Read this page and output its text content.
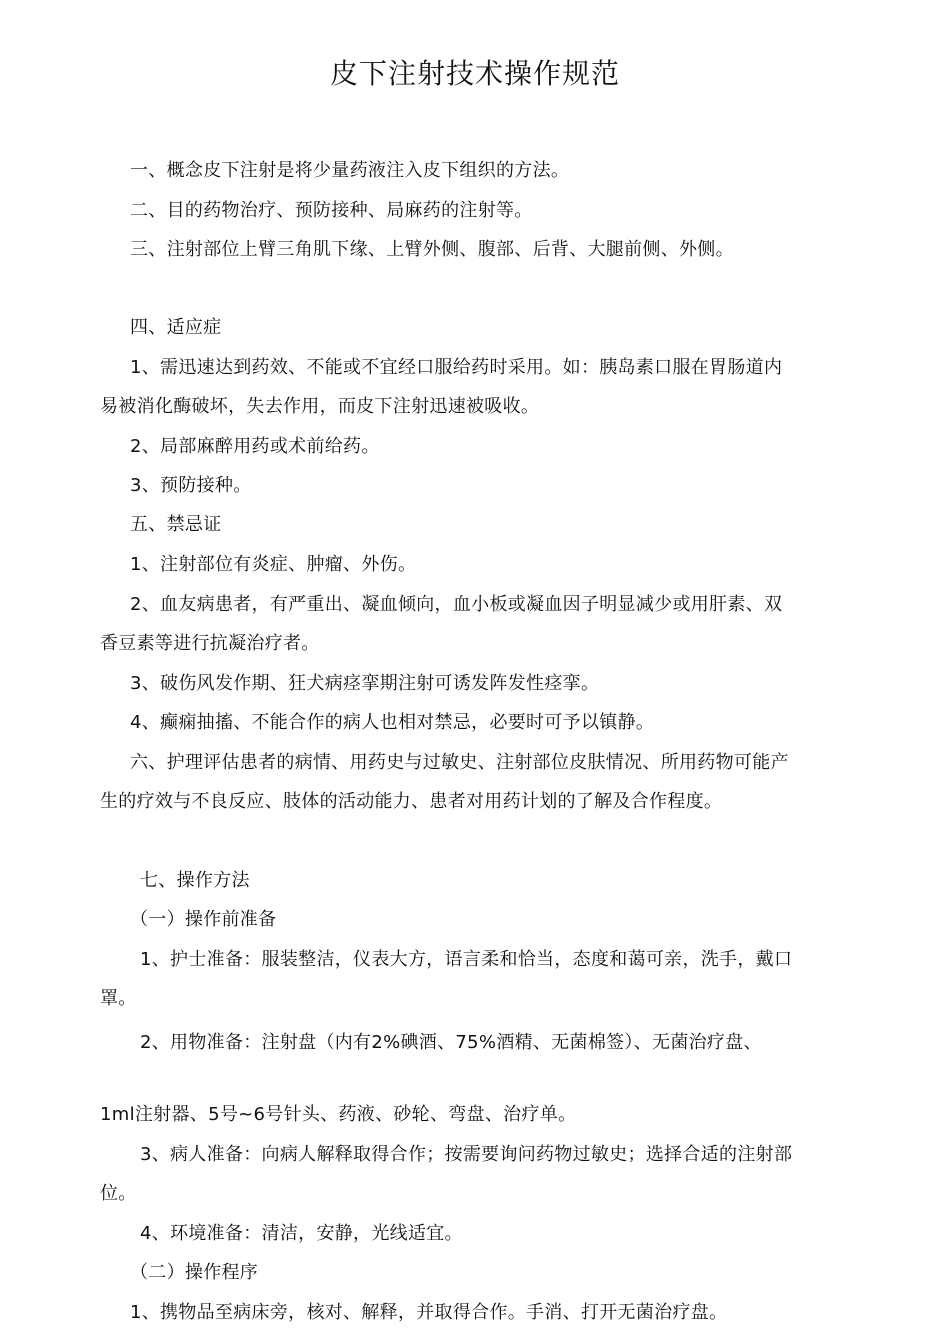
皮下注射技术操作规范
一、概念皮下注射是将少量药液注入皮下组织的方法。
二、目的药物治疗、预防接种、局麻药的注射等。
三、注射部位上臂三角肌下缘、上臂外侧、腹部、后背、大腿前侧、外侧。
四、适应症
1、需迅速达到药效、不能或不宜经口服给药时采用。如：胰岛素口服在胃肠道内
易被消化酶破坏，失去作用，而皮下注射迅速被吸收。
2、局部麻醉用药或术前给药。
3、预防接种。
五、禁忌证
1、注射部位有炎症、肿瘤、外伤。
2、血友病患者，有严重出、凝血倾向，血小板或凝血因子明显减少或用肝素、双
香豆素等进行抗凝治疗者。
3、破伤风发作期、狂犬病痉挛期注射可诱发阵发性痉挛。
4、癫痫抽搐、不能合作的病人也相对禁忌，必要时可予以镇静。
六、护理评估患者的病情、用药史与过敏史、注射部位皮肤情况、所用药物可能产
生的疗效与不良反应、肢体的活动能力、患者对用药计划的了解及合作程度。
七、操作方法
（一）操作前准备
1、护士准备：服装整洁，仪表大方，语言柔和恰当，态度和蔼可亲，洗手，戴口
罩。
2、用物准备：注射盘（内有2%碘酒、75%酒精、无菌棉签）、无菌治疗盘、
1ml注射器、5号~6号针头、药液、砂轮、弯盘、治疗单。
3、病人准备：向病人解释取得合作；按需要询问药物过敏史；选择合适的注射部
位。
4、环境准备：清洁，安静，光线适宜。
（二）操作程序
1、携物品至病床旁，核对、解释，并取得合作。手消、打开无菌治疗盘。
